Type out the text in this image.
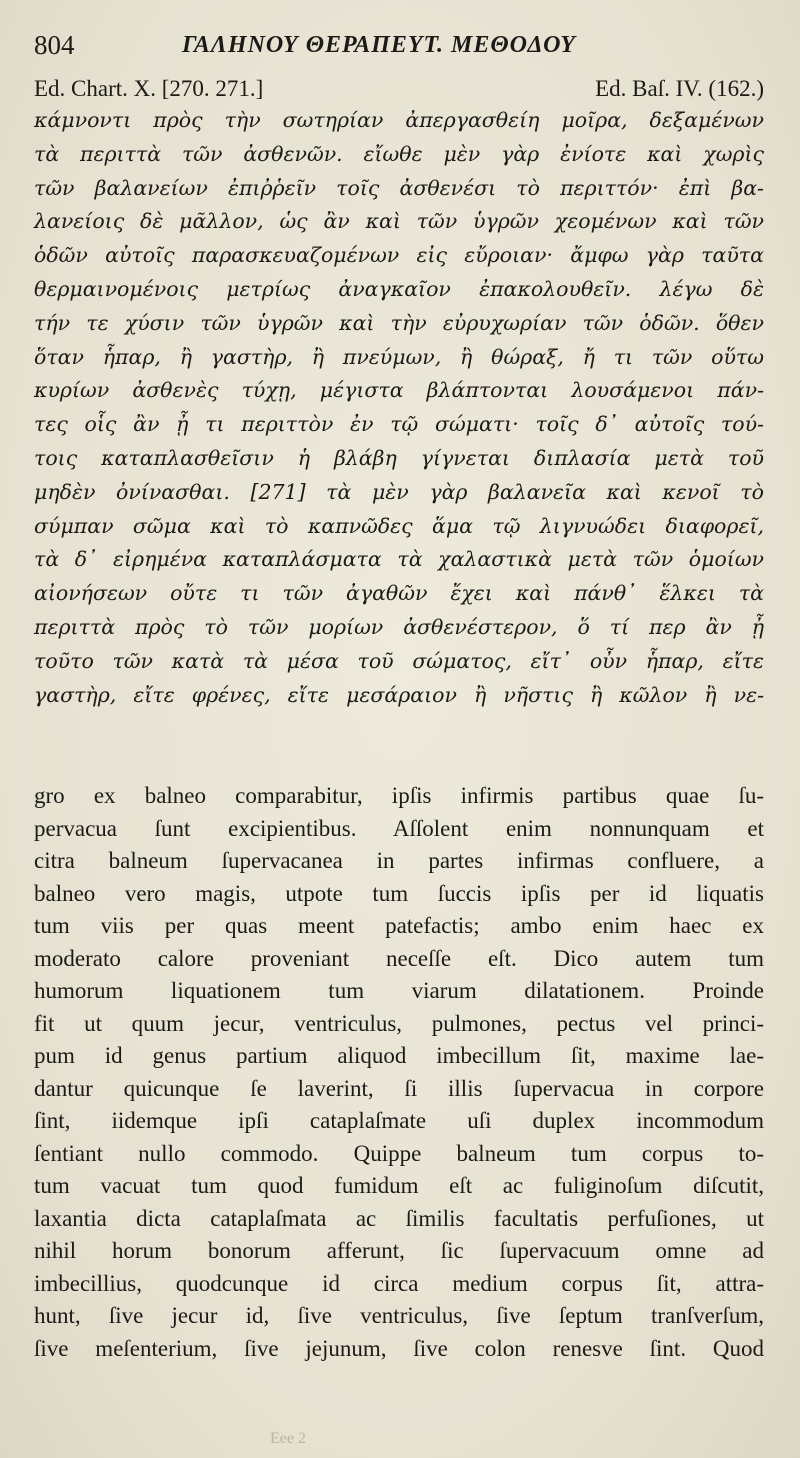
804	ΓΑΛΗΝΟΥ ΘΕΡΑΠΕΥΤ. ΜΕΘΟΔΟΥ
Ed. Chart. X. [270. 271.]	Ed. Baſ. IV. (162.)
κάμνοντι πρὸς τὴν σωτηρίαν ἀπεργασθείη μοῖρα, δεξαμένων
τὰ περιττὰ τῶν ἀσθενῶν. εἴωθε μὲν γὰρ ἐνίοτε καὶ χωρὶς
τῶν βαλανείων ἐπιῤῥεῖν τοῖς ἀσθενέσι τὸ περιττόν· ἐπὶ βα-
λανείοις δὲ μᾶλλον, ὡς ἂν καὶ τῶν ὑγρῶν χεομένων καὶ τῶν
ὁδῶν αὐτοῖς παρασκευαζομένων εἰς εὔροιαν· ἄμφω γὰρ ταῦτα
θερμαινομένοις μετρίως ἀναγκαῖον ἐπακολουθεῖν. λέγω δὲ
τήν τε χύσιν τῶν ὑγρῶν καὶ τὴν εὐρυχωρίαν τῶν ὁδῶν. ὅθεν
ὅταν ἧπαρ, ἢ γαστὴρ, ἢ πνεύμων, ἢ θώραξ, ἤ τι τῶν οὕτω
κυρίων ἀσθενὲς τύχῃ, μέγιστα βλάπτονται λουσάμενοι πάν-
τες οἷς ἂν ᾖ τι περιττὸν ἐν τῷ σώματι· τοῖς δ᾽ αὐτοῖς τού-
τοις καταπλασθεῖσιν ἡ βλάβη γίγνεται διπλασία μετὰ τοῦ
μηδὲν ὀνίνασθαι. [271] τὰ μὲν γὰρ βαλανεῖα καὶ κενοῖ τὸ
σύμπαν σῶμα καὶ τὸ καπνῶδες ἅμα τῷ λιγνυώδει διαφορεῖ,
τὰ δ᾽ εἰρημένα καταπλάσματα τὰ χαλαστικὰ μετὰ τῶν ὁμοίων
αἰονήσεων οὔτε τι τῶν ἀγαθῶν ἔχει καὶ πάνθ᾽ ἕλκει τὰ
περιττὰ πρὸς τὸ τῶν μορίων ἀσθενέστερον, ὅ τί περ ἂν ᾖ
τοῦτο τῶν κατὰ τὰ μέσα τοῦ σώματος, εἴτ᾽ οὖν ἧπαρ, εἴτε
γαστὴρ, εἴτε φρένες, εἴτε μεσάραιον ἢ νῆστις ἢ κῶλον ἢ νε-
gro ex balneo comparabitur, ipſis infirmis partibus quae ſu-
pervacua ſunt excipientibus. Aſſolent enim nonnunquam et
citra balneum ſupervacanea in partes infirmas confluere, a
balneo vero magis, utpote tum ſuccis ipſis per id liquatis
tum viis per quas meent patefactis; ambo enim haec ex
moderato calore proveniant neceſſe eſt. Dico autem tum
humorum liquationem tum viarum dilatationem. Proinde
fit ut quum jecur, ventriculus, pulmones, pectus vel princi-
pum id genus partium aliquod imbecillum ſit, maxime lae-
dantur quicunque ſe laverint, ſi illis ſupervacua in corpore
ſint, iidemque ipſi cataplaſmate uſi duplex incommodum
ſentiant nullo commodo. Quippe balneum tum corpus to-
tum vacuat tum quod fumidum eſt ac fuliginoſum diſcutit,
laxantia dicta cataplaſmata ac ſimilis facultatis perfuſiones, ut
nihil horum bonorum afferunt, ſic ſupervacuum omne ad
imbecillius, quodcunque id circa medium corpus ſit, attra-
hunt, ſive jecur id, ſive ventriculus, ſive ſeptum tranſverſum,
ſive meſenterium, ſive jejunum, ſive colon renesve ſint. Quod
Eee 2
